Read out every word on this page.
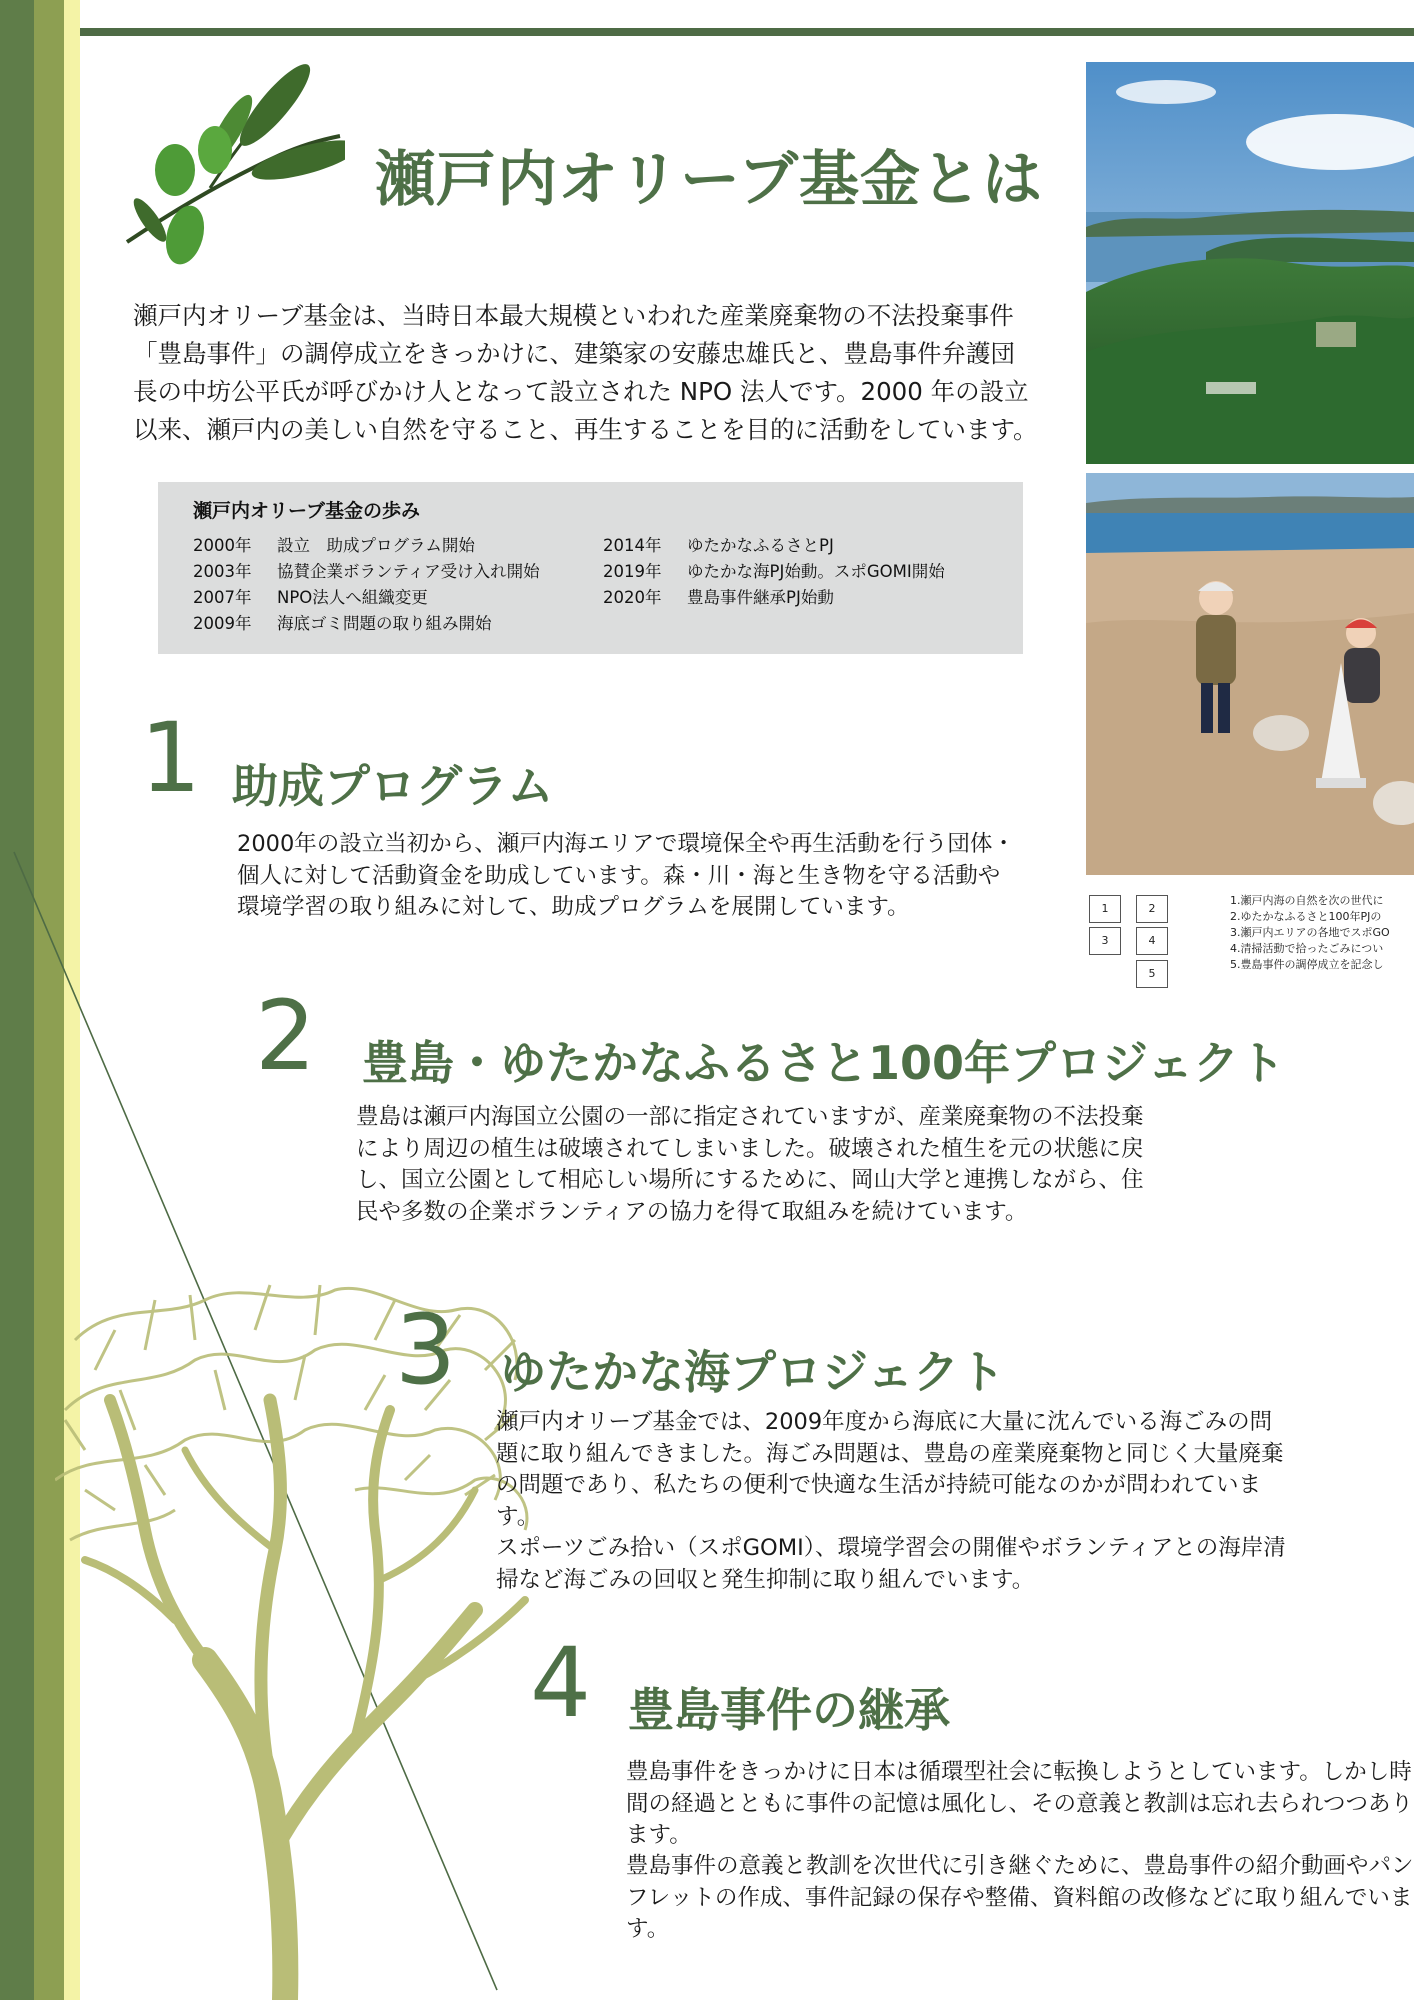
瀬戸内オリーブ基金とは

瀬戸内オリーブ基金は、当時日本最大規模といわれた産業廃棄物の不法投棄事件「豊島事件」の調停成立をきっかけに、建築家の安藤忠雄氏と、豊島事件弁護団長の中坊公平氏が呼びかけ人となって設立された NPO 法人です。2000 年の設立以来、瀬戸内の美しい自然を守ること、再生することを目的に活動をしています。

瀬戸内オリーブ基金の歩み
2000年 設立　助成プログラム開始
2003年 協賛企業ボランティア受け入れ開始
2007年 NPO法人へ組織変更
2009年 海底ゴミ問題の取り組み開始
2014年 ゆたかなふるさとPJ
2019年 ゆたかな海PJ始動。スポGOMI開始
2020年 豊島事件継承PJ始動
1 助成プログラム

2000年の設立当初から、瀬戸内海エリアで環境保全や再生活動を行う団体・個人に対して活動資金を助成しています。森・川・海と生き物を守る活動や環境学習の取り組みに対して、助成プログラムを展開しています。

2 豊島・ゆたかなふるさと100年プロジェクト

豊島は瀬戸内海国立公園の一部に指定されていますが、産業廃棄物の不法投棄により周辺の植生は破壊されてしまいました。破壊された植生を元の状態に戻し、国立公園として相応しい場所にするために、岡山大学と連携しながら、住民や多数の企業ボランティアの協力を得て取組みを続けています。

3 ゆたかな海プロジェクト

瀬戸内オリーブ基金では、2009年度から海底に大量に沈んでいる海ごみの問題に取り組んできました。海ごみ問題は、豊島の産業廃棄物と同じく大量廃棄の問題であり、私たちの便利で快適な生活が持続可能なのかが問われています。

スポーツごみ拾い（スポGOMI）、環境学習会の開催やボランティアとの海岸清掃など海ごみの回収と発生抑制に取り組んでいます。

4 豊島事件の継承

豊島事件をきっかけに日本は循環型社会に転換しようとしています。しかし時間の経過とともに事件の記憶は風化し、その意義と教訓は忘れ去られつつあります。

豊島事件の意義と教訓を次世代に引き継ぐために、豊島事件の紹介動画やパンフレットの作成、事件記録の保存や整備、資料館の改修などに取り組んでいます。

1	2
3	4
5
1.瀬戸内海の自然を次の世代に
2.ゆたかなふるさと100年PJの
3.瀬戸内エリアの各地でスポGO
4.清掃活動で拾ったごみについ
5.豊島事件の調停成立を記念し
